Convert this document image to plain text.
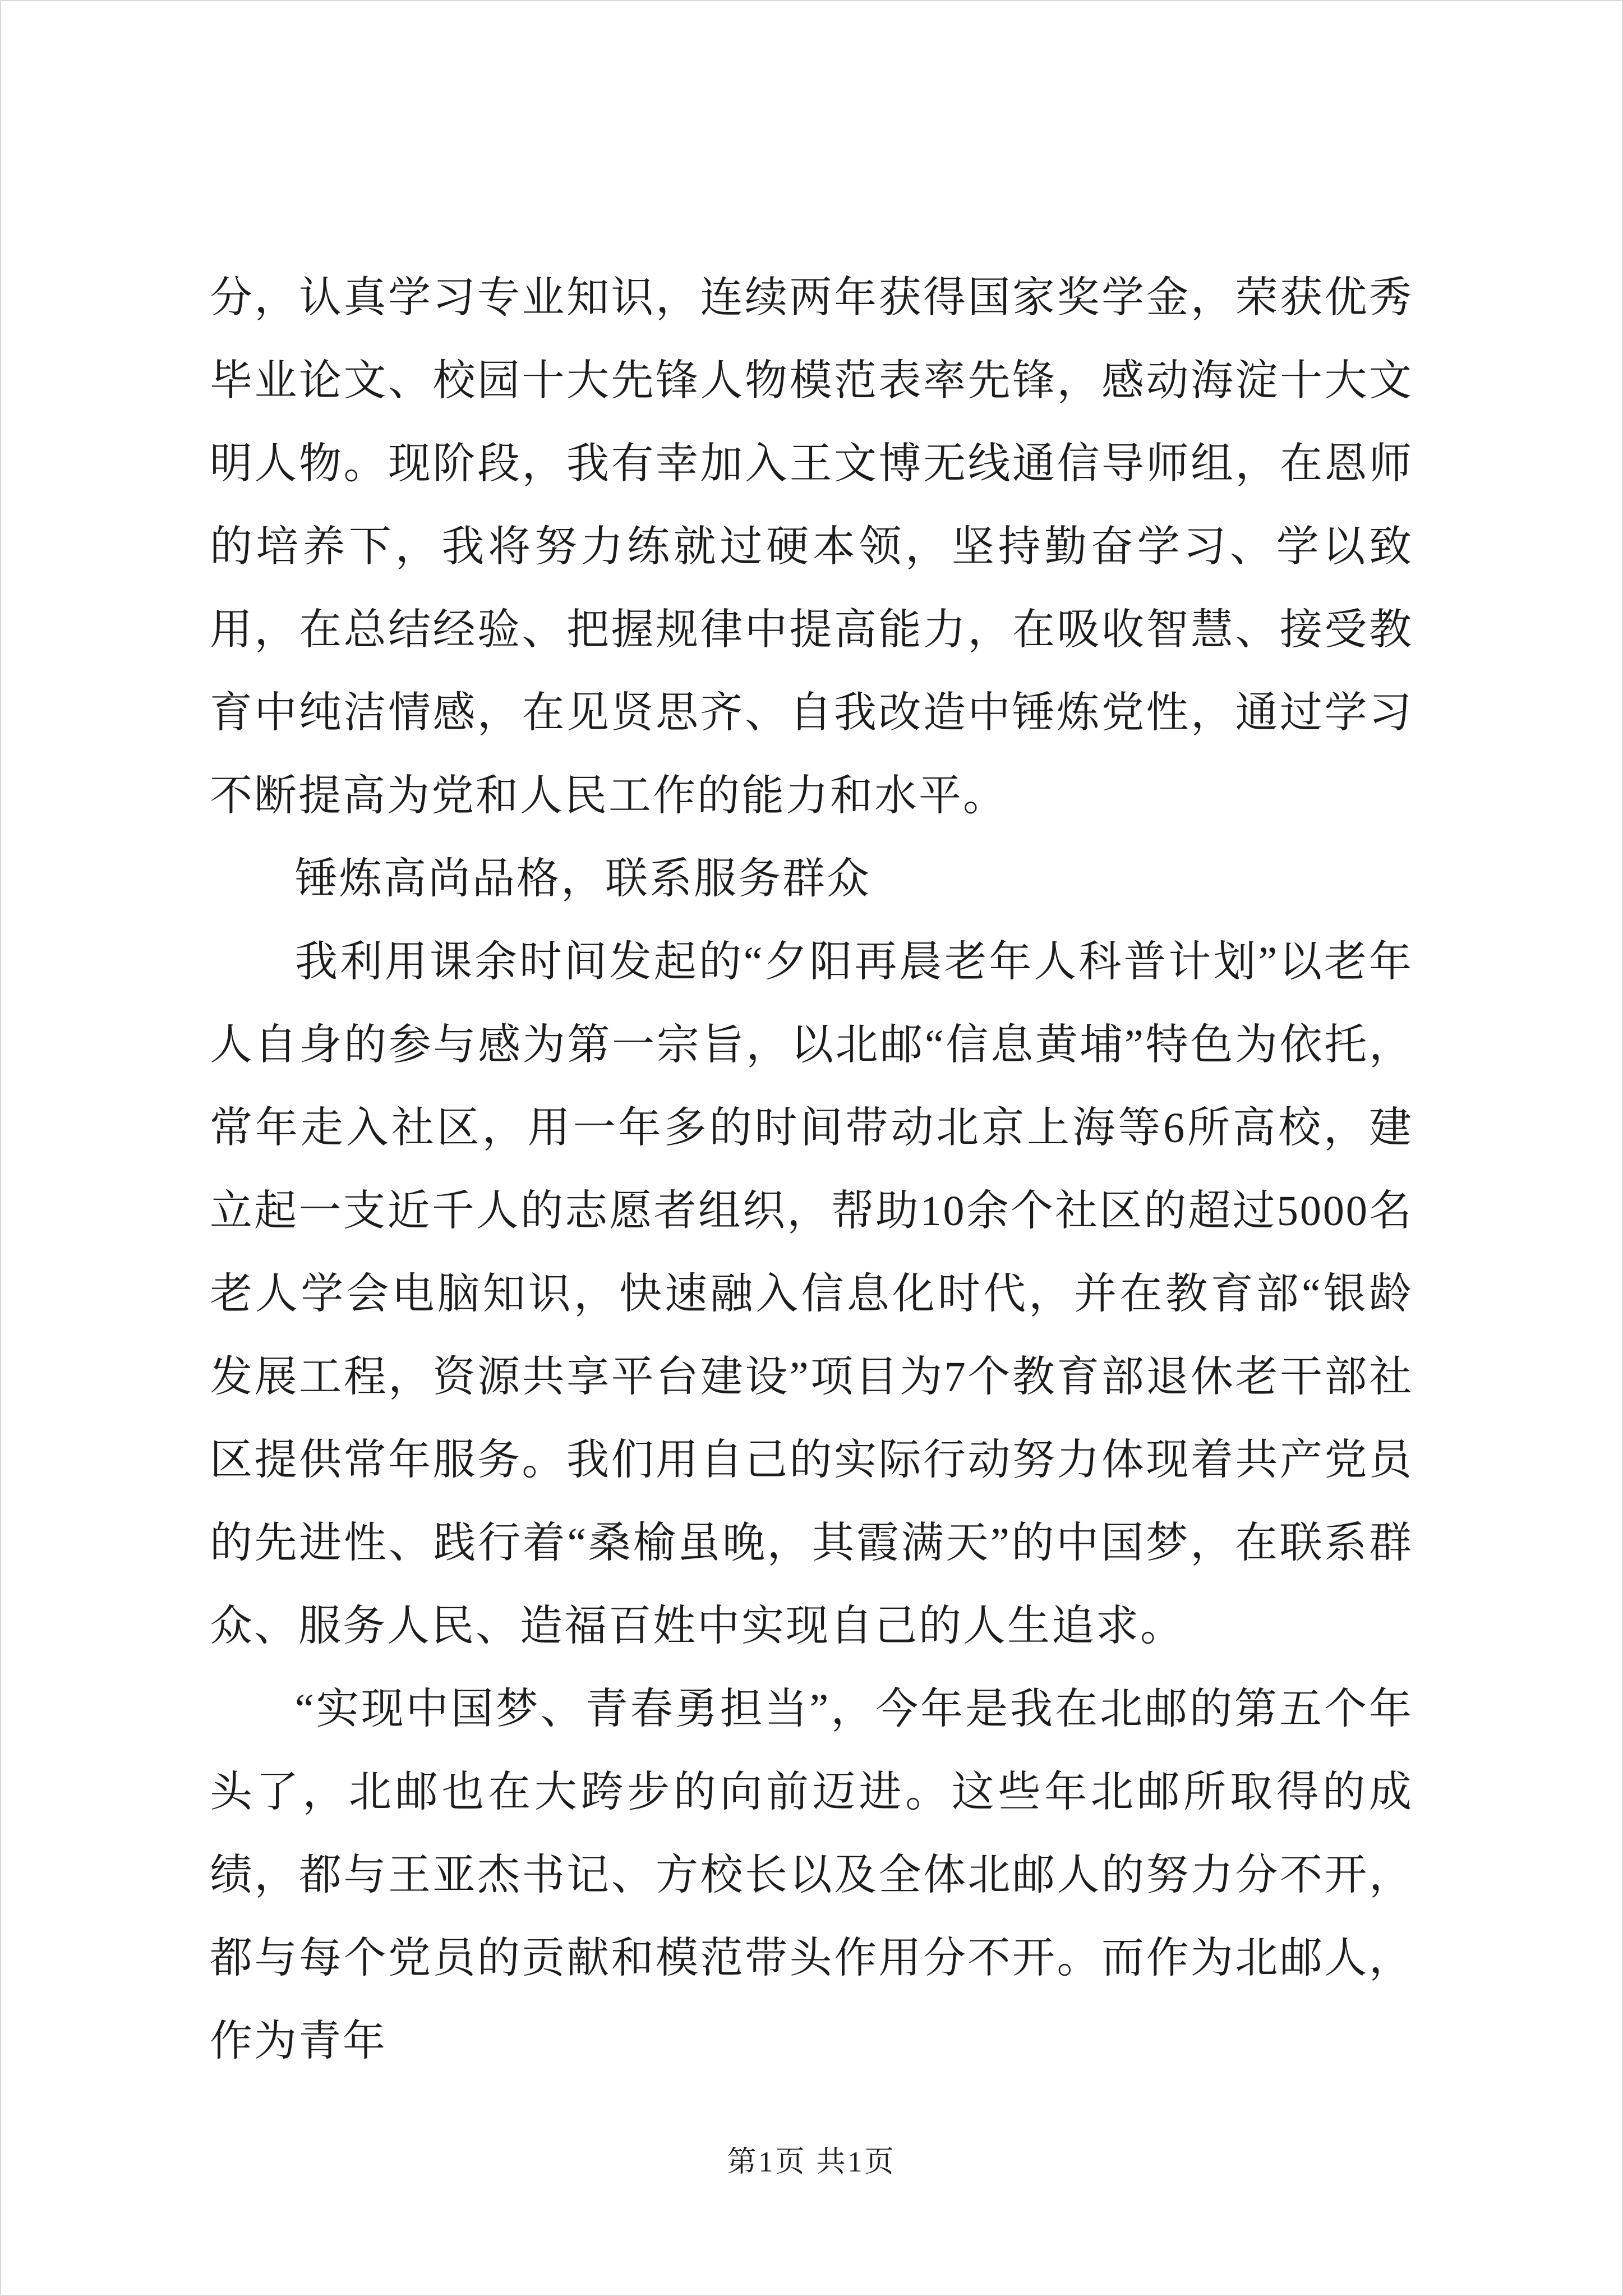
分，认真学习专业知识，连续两年获得国家奖学金，荣获优秀毕业论文、校园十大先锋人物模范表率先锋，感动海淀十大文明人物。现阶段，我有幸加入王文博无线通信导师组，在恩师的培养下，我将努力练就过硬本领，坚持勤奋学习、学以致用，在总结经验、把握规律中提高能力，在吸收智慧、接受教育中纯洁情感，在见贤思齐、自我改造中锤炼党性，通过学习不断提高为党和人民工作的能力和水平。

锤炼高尚品格，联系服务群众

我利用课余时间发起的“夕阳再晨老年人科普计划”以老年人自身的参与感为第一宗旨，以北邮“信息黄埔”特色为依托，常年走入社区，用一年多的时间带动北京上海等6所高校，建立起一支近千人的志愿者组织，帮助10余个社区的超过5000名老人学会电脑知识，快速融入信息化时代，并在教育部“银龄发展工程，资源共享平台建设”项目为7个教育部退休老干部社区提供常年服务。我们用自己的实际行动努力体现着共产党员的先进性、践行着“桑榆虽晚，其霞满天”的中国梦，在联系群众、服务人民、造福百姓中实现自己的人生追求。

“实现中国梦、青春勇担当”，今年是我在北邮的第五个年头了，北邮也在大跨步的向前迈进。这些年北邮所取得的成绩，都与王亚杰书记、方校长以及全体北邮人的努力分不开，都与每个党员的贡献和模范带头作用分不开。而作为北邮人，作为青年

第1页 共1页
